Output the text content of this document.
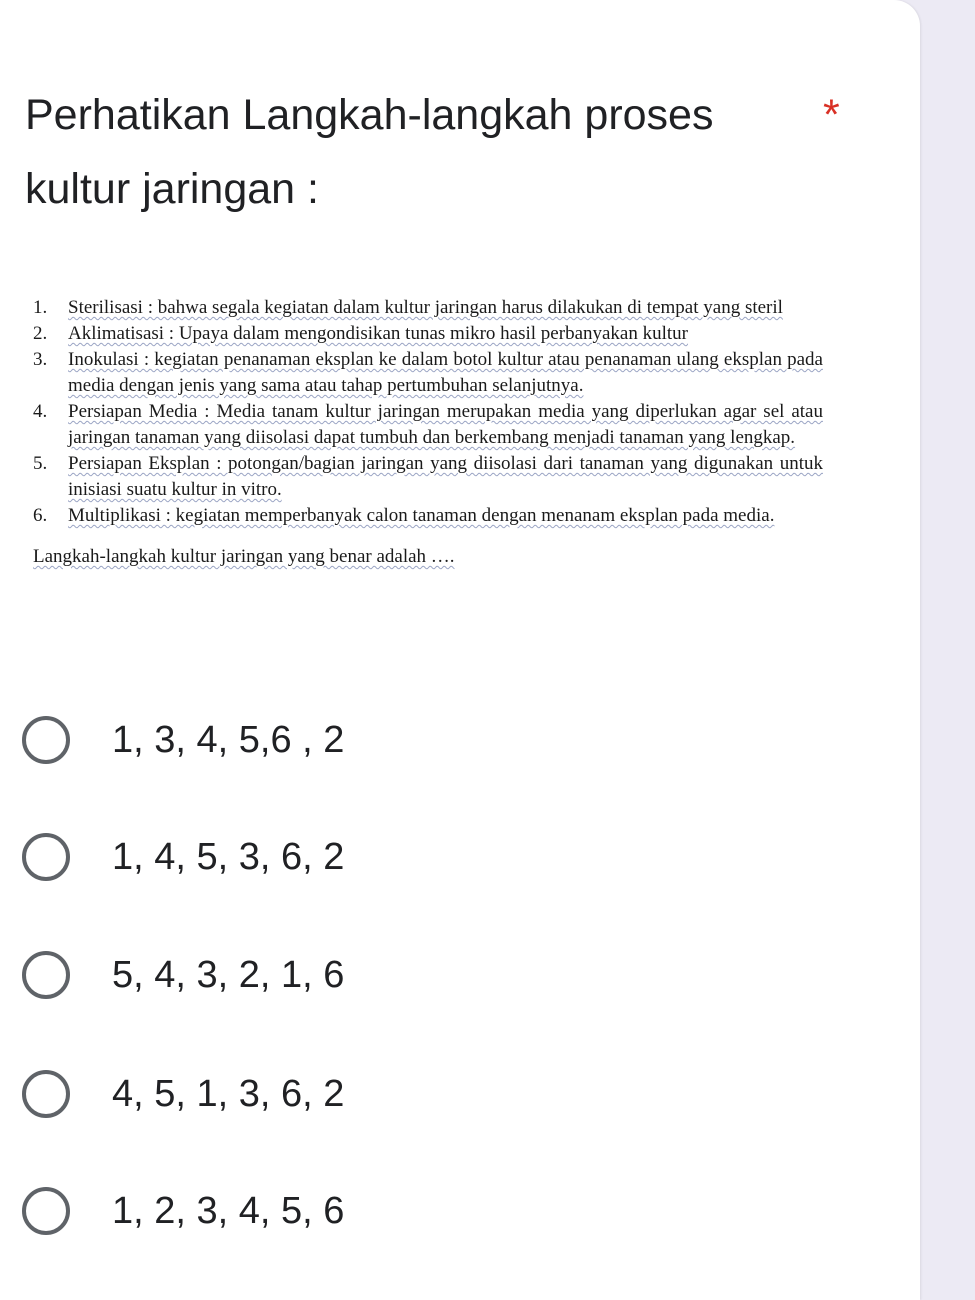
Perhatikan Langkah-langkah proses kultur jaringan :
*
1.	Sterilisasi : bahwa segala kegiatan dalam kultur jaringan harus dilakukan di tempat yang steril
2.	Aklimatisasi : Upaya dalam mengondisikan tunas mikro hasil perbanyakan kultur
3.	Inokulasi : kegiatan penanaman eksplan ke dalam botol kultur atau penanaman ulang eksplan pada media dengan jenis yang sama atau tahap pertumbuhan selanjutnya.
4.	Persiapan Media : Media tanam kultur jaringan merupakan media yang diperlukan agar sel atau jaringan tanaman yang diisolasi dapat tumbuh dan berkembang menjadi tanaman yang lengkap.
5.	Persiapan Eksplan : potongan/bagian jaringan yang diisolasi dari tanaman yang digunakan untuk inisiasi suatu kultur in vitro.
6.	Multiplikasi : kegiatan memperbanyak calon tanaman dengan menanam eksplan pada media.
Langkah-langkah kultur jaringan yang benar adalah ….
1, 3, 4, 5,6 , 2
1, 4, 5, 3, 6, 2
5, 4, 3, 2, 1, 6
4, 5, 1, 3, 6, 2
1, 2, 3, 4, 5, 6
